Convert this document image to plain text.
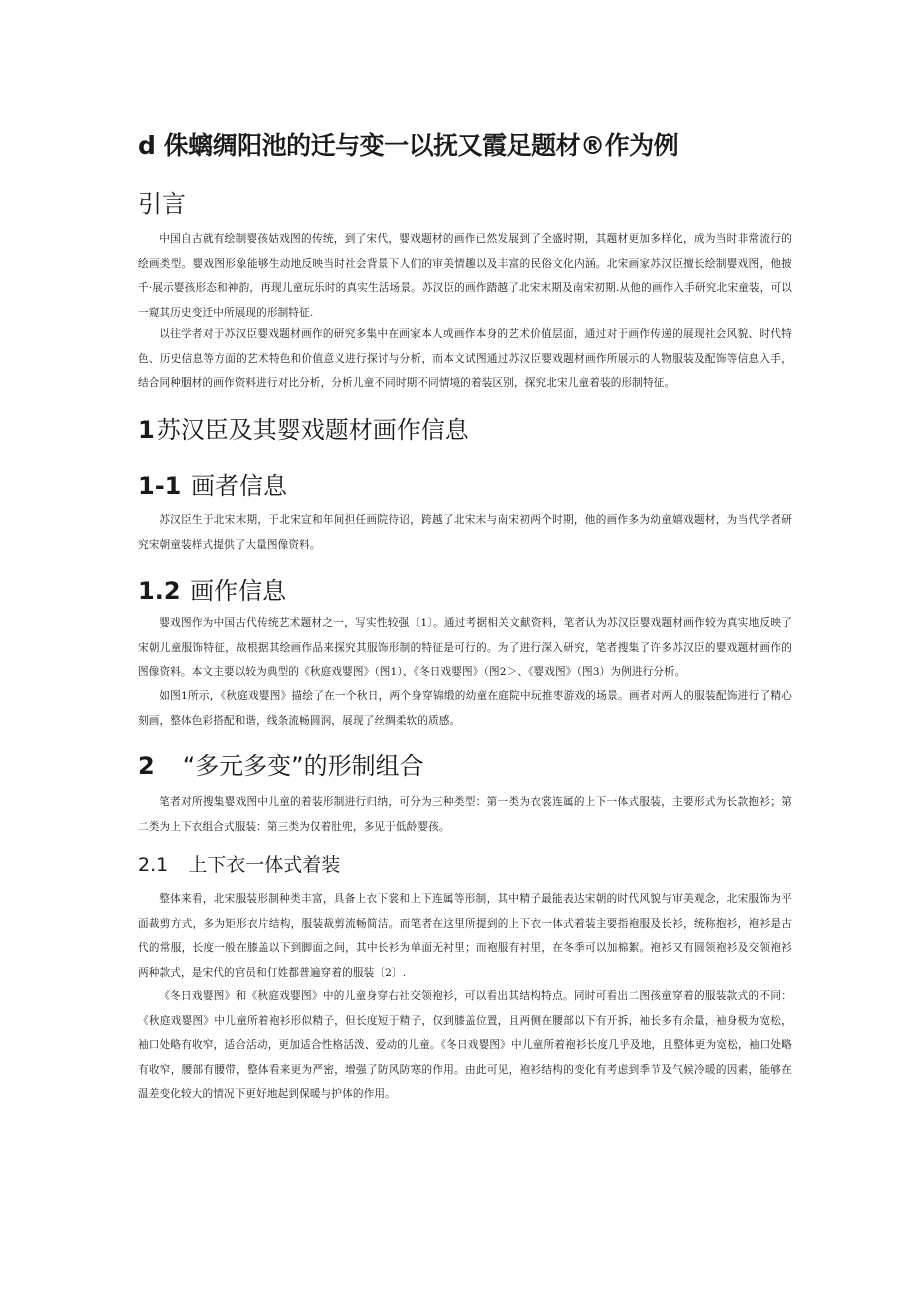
d 侏螭绸阳池的迁与变一以抚又霞足题材®作为例
引言

中国自古就有绘制婴孩姑戏图的传统，到了宋代，婴戏题材的画作已然发展到了全盛时期，其题材更加多样化，成为当时非常流行的绘画类型。婴戏图形象能够生动地反映当时社会背景下人们的审美情趣以及丰富的民俗文化内涵。北宋画家苏汉臣擅长绘制婴戏图，他披千·展示婴孩形态和神韵，再现儿童玩乐时的真实生活场景。苏汉臣的画作踏越了北宋末期及南宋初期.从他的画作入手研究北宋童装，可以一窥其历史变迁中所展现的形制特征.

以往学者对于苏汉臣婴戏题材画作的研究多集中在画家本人或画作本身的艺术价值层面，通过对于画作传递的展现社会风貌、时代特色、历史信息等方面的艺术特色和价值意义进行探讨与分析，而本文试图通过苏汉臣婴戏题材画作所展示的人物服装及配饰等信息入手，结合同种胭材的画作资料进行对比分析，分析儿童不同时期不同情境的着装区别，探究北宋儿童着装的形制特征。

1苏汉臣及其婴戏题材画作信息
1-1 画者信息

苏汉臣生于北宋末期，于北宋宣和年间担任画院待诏，跨越了北宋末与南宋初两个时期，他的画作多为幼童嬉戏题材，为当代学者研究宋朝童装样式提供了大量图像资料。

1.2 画作信息

婴戏图作为中国古代传统艺术题材之一，写实性较强〔1〕。通过考据相关文献资料，笔者认为苏汉臣婴戏题材画作较为真实地反映了宋朝儿童服饰特征，故根据其绘画作品来探究其服饰形制的特征是可行的。为了进行深入研究，笔者搜集了许多苏汉臣的婴戏题材画作的图像资料。本文主要以较为典型的《秋庭戏婴图》（图1）、《冬日戏婴图》（图2＞、《婴戏图》（图3）为例进行分析。

如图1所示，《秋庭戏婴图》描绘了在一个秋日，两个身穿锦缎的幼童在庭院中玩推枣游戏的场景。画者对两人的服装配饰进行了精心刻画，整体色彩搭配和谐，线条流畅圆润，展现了丝绸柔软的质感。

2 “多元多变”的形制组合

笔者对所搜集婴戏图中儿童的着装形制进行归纳，可分为三种类型：第一类为衣裳连属的上下一体式服装，主要形式为长款抱衫；第二类为上下衣组合式服装：第三类为仅着肚兜，多见于低龄婴孩。

2.1 上下衣一体式着装

整体来看，北宋服装形制种类丰富，具备上衣下裳和上下连属等形制，其中精子最能表达宋朝的时代风貌与审美观念，北宋服饰为平面裁剪方式，多为矩形衣片结构，服装裁剪流畅简洁。而笔者在这里所提到的上下衣一体式着装主要指袍服及长衫，统称抱衫，袍衫是古代的常服，长度一般在膝盖以下到脚面之间，其中长衫为单面无衬里；而袍服有衬里，在冬季可以加棉絮。袍衫又有圆领袍衫及交领袍衫两种款式，是宋代的官员和仃姓都普遍穿着的服装〔2〕.

《冬日戏婴图》和《秋庭戏婴图》中的儿童身穿右社交领袍衫，可以看出其结构特点。同时可看出二图孩童穿着的服装款式的不同：《秋庭戏婴图》中儿童所着袍衫形似精子，但长度短于精子，仅到膝盖位置，且两侧在腰部以下有开拆，袖长多有余量，袖身极为宽松，袖口处略有收窄，适合活动，更加适合性格活泼、爱动的儿童。《冬日戏婴图》中儿童所着袍衫长度几乎及地，且整体更为宽松，袖口处略有收窄，腰部有腰带，整体看来更为严密，增强了防风防寒的作用。由此可见，袍衫结构的变化有考虑到季节及气候冷暖的因素，能够在温差变化较大的情况下更好地起到保暖与护体的作用。
